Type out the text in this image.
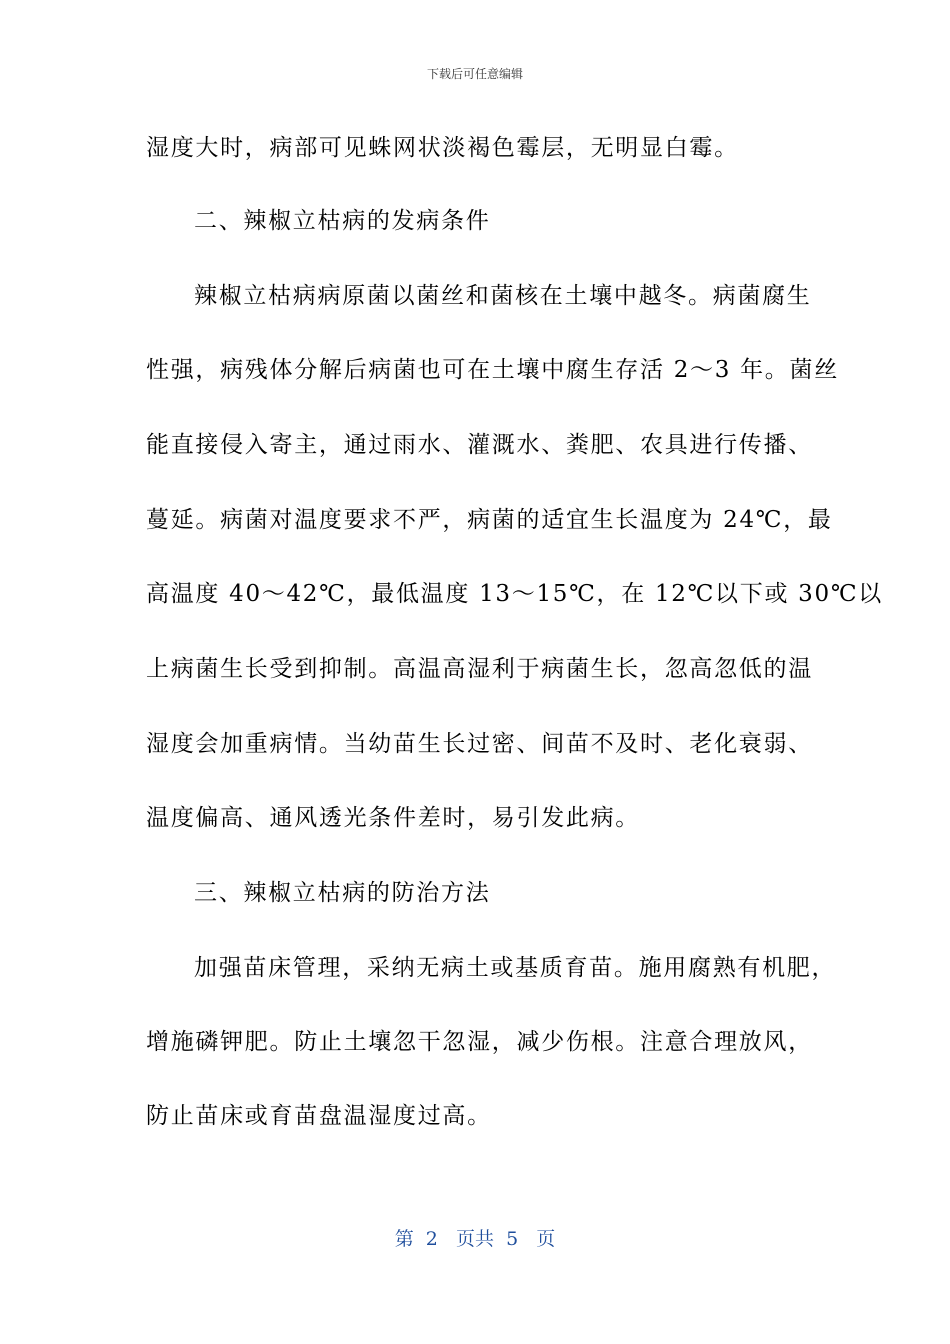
下载后可任意编辑
湿度大时，病部可见蛛网状淡褐色霉层，无明显白霉。
二、辣椒立枯病的发病条件
辣椒立枯病病原菌以菌丝和菌核在土壤中越冬。病菌腐生
性强，病残体分解后病菌也可在土壤中腐生存活 2～3 年。菌丝
能直接侵入寄主，通过雨水、灌溉水、粪肥、农具进行传播、
蔓延。病菌对温度要求不严，病菌的适宜生长温度为 24℃，最
高温度 40～42℃，最低温度 13～15℃，在 12℃以下或 30℃以
上病菌生长受到抑制。高温高湿利于病菌生长，忽高忽低的温
湿度会加重病情。当幼苗生长过密、间苗不及时、老化衰弱、
温度偏高、通风透光条件差时，易引发此病。
三、辣椒立枯病的防治方法
加强苗床管理，采纳无病土或基质育苗。施用腐熟有机肥，
增施磷钾肥。防止土壤忽干忽湿，减少伤根。注意合理放风，
防止苗床或育苗盘温湿度过高。
第  2   页共  5   页
